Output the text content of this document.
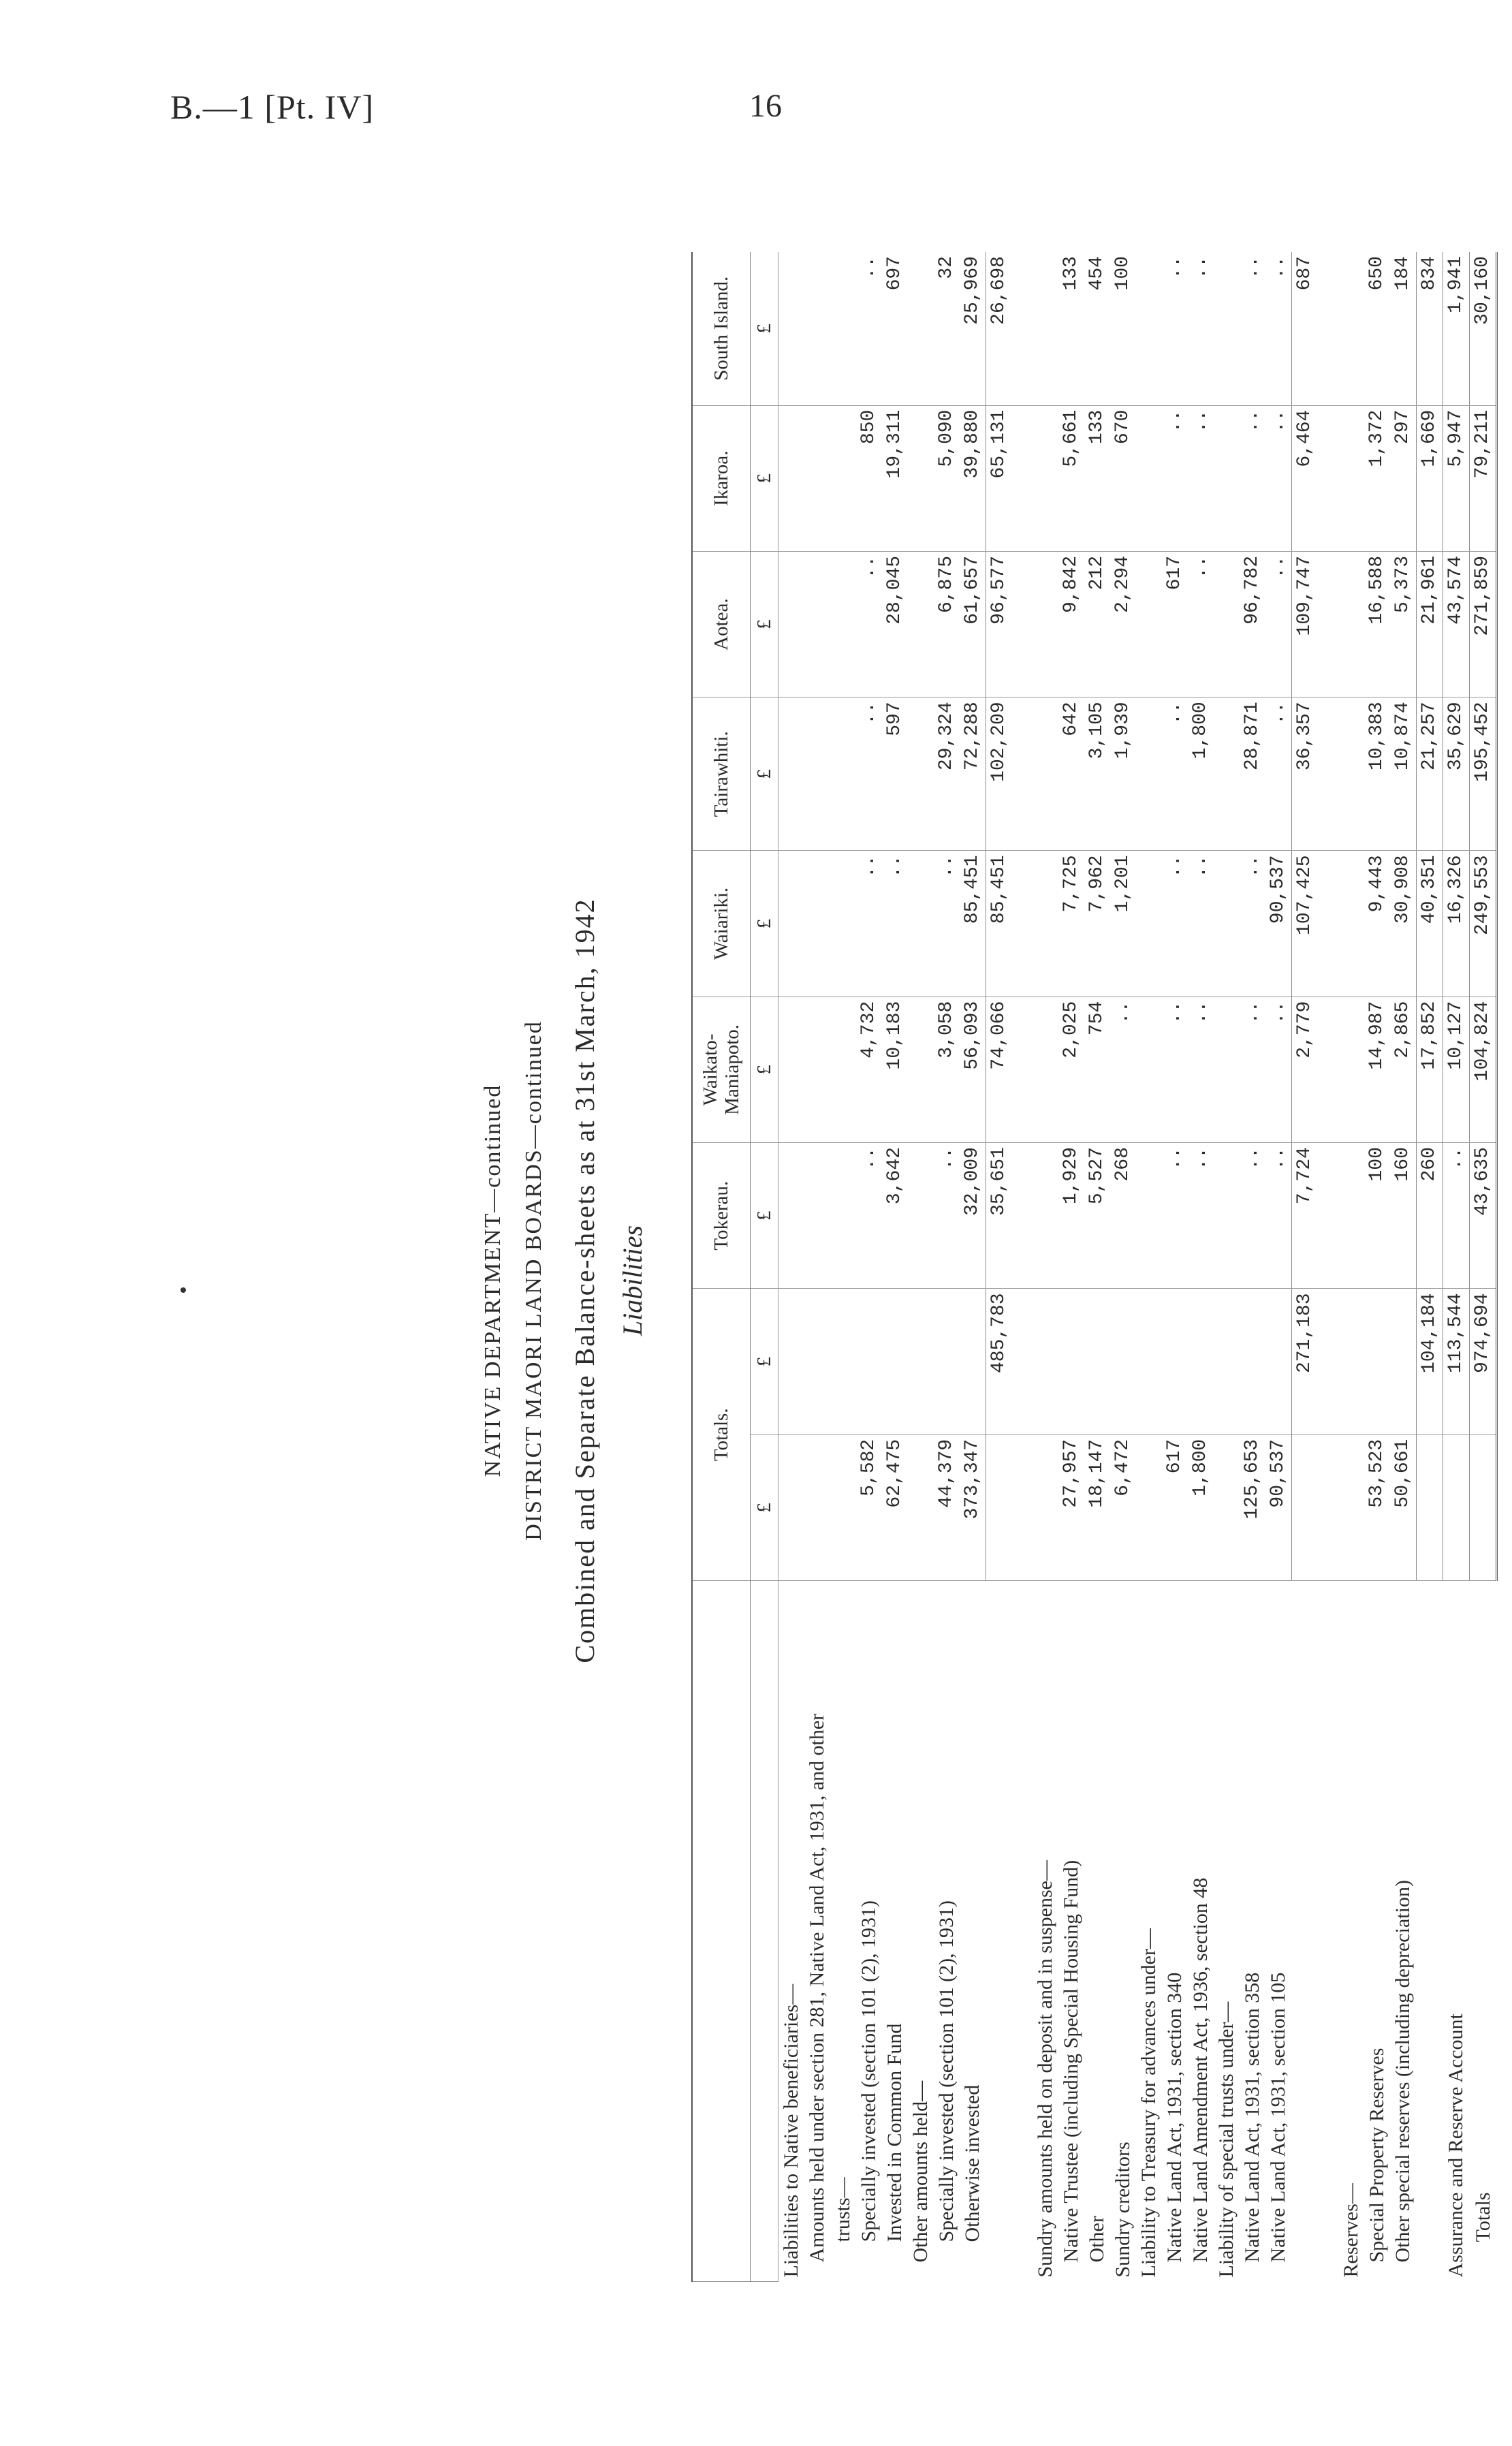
B.—1 [Pt. IV]	16
NATIVE DEPARTMENT—continued DISTRICT MAORI LAND BOARDS—continued Combined and Separate Balance-sheets as at 31st March, 1942 Liabilities
	Totals.		Tokerau.	Waikato-Maniapoto.	Waiariki.	Tairawhiti.	Aotea.	Ikaroa.	South Island.
	£	£	£	£	£	£	£	£	£
Liabilities to Native beneficiaries—									
Amounts held under section 281, Native Land Act, 1931, and other									
trusts—									
Specially invested (section 101 (2), 1931)	5,582		..	4,732	..	..	..	850	..
Invested in Common Fund	62,475		3,642	10,183	..	597	28,045	19,311	697
Other amounts held—									
Specially invested (section 101 (2), 1931)	44,379		..	3,058	..	29,324	6,875	5,090	32
Otherwise invested	373,347		32,009	56,093	85,451	72,288	61,657	39,880	25,969
		485,783	35,651	74,066	85,451	102,209	96,577	65,131	26,698

Sundry amounts held on deposit and in suspense—									
Native Trustee (including Special Housing Fund)	27,957		1,929	2,025	7,725	642	9,842	5,661	133
Other	18,147		5,527	754	7,962	3,105	212	133	454
Sundry creditors	6,472		268	..	1,201	1,939	2,294	670	100
Liability to Treasury for advances under—									
Native Land Act, 1931, section 340	617		..	..	..	..	617	..	..
Native Land Amendment Act, 1936, section 48	1,800		..	..	..	1,800	..	..	..
Liability of special trusts under—									
Native Land Act, 1931, section 358	125,653		..	..	..	28,871	96,782	..	..
Native Land Act, 1931, section 105	90,537		..	..	90,537	..	..	..	..
		271,183	7,724	2,779	107,425	36,357	109,747	6,464	687

Reserves—									
Special Property Reserves	53,523		100	14,987	9,443	10,383	16,588	1,372	650
Other special reserves (including depreciation)	50,661		160	2,865	30,908	10,874	5,373	297	184
		104,184	260	17,852	40,351	21,257	21,961	1,669	834
Assurance and Reserve Account		113,544	..	10,127	16,326	35,629	43,574	5,947	1,941
Totals		974,694	43,635	104,824	249,553	195,452	271,859	79,211	30,160
